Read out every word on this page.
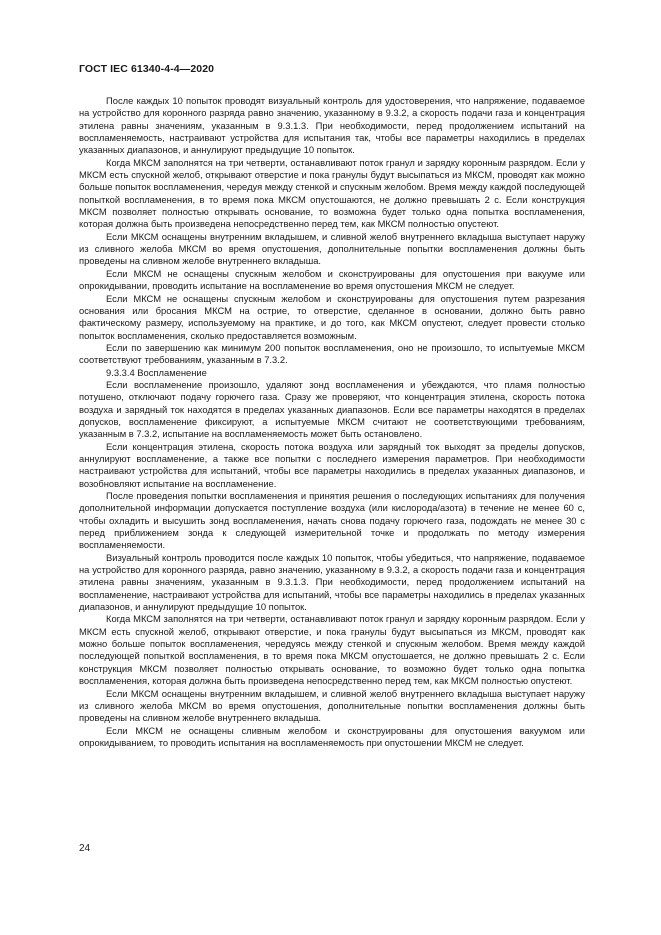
ГОСТ IEC 61340-4-4—2020

После каждых 10 попыток проводят визуальный контроль для удостоверения, что напряжение, подаваемое на устройство для коронного разряда равно значению, указанному в 9.3.2, а скорость подачи газа и концентрация этилена равны значениям, указанным в 9.3.1.3. При необходимости, перед продолжением испытаний на воспламеняемость, настраивают устройства для испытания так, чтобы все параметры находились в пределах указанных диапазонов, и аннулируют предыдущие 10 попыток.

Когда МКСМ заполнятся на три четверти, останавливают поток гранул и зарядку коронным разрядом. Если у МКСМ есть спускной желоб, открывают отверстие и пока гранулы будут высыпаться из МКСМ, проводят как можно больше попыток воспламенения, чередуя между стенкой и спускным желобом. Время между каждой последующей попыткой воспламенения, в то время пока МКСМ опустошаются, не должно превышать 2 с. Если конструкция МКСМ позволяет полностью открывать основание, то возможна будет только одна попытка воспламенения, которая должна быть произведена непосредственно перед тем, как МКСМ полностью опустеют.

Если МКСМ оснащены внутренним вкладышем, и сливной желоб внутреннего вкладыша выступает наружу из сливного желоба МКСМ во время опустошения, дополнительные попытки воспламенения должны быть проведены на сливном желобе внутреннего вкладыша.

Если МКСМ не оснащены спускным желобом и сконструированы для опустошения при вакууме или опрокидывании, проводить испытание на воспламенение во время опустошения МКСМ не следует.

Если МКСМ не оснащены спускным желобом и сконструированы для опустошения путем разрезания основания или бросания МКСМ на острие, то отверстие, сделанное в основании, должно быть равно фактическому размеру, используемому на практике, и до того, как МКСМ опустеют, следует провести столько попыток воспламенения, сколько предоставляется возможным.

Если по завершению как минимум 200 попыток воспламенения, оно не произошло, то испытуемые МКСМ соответствуют требованиям, указанным в 7.3.2.

9.3.3.4 Воспламенение

Если воспламенение произошло, удаляют зонд воспламенения и убеждаются, что пламя полностью потушено, отключают подачу горючего газа. Сразу же проверяют, что концентрация этилена, скорость потока воздуха и зарядный ток находятся в пределах указанных диапазонов. Если все параметры находятся в пределах допусков, воспламенение фиксируют, а испытуемые МКСМ считают не соответствующими требованиям, указанным в 7.3.2, испытание на воспламеняемость может быть остановлено.

Если концентрация этилена, скорость потока воздуха или зарядный ток выходят за пределы допусков, аннулируют воспламенение, а также все попытки с последнего измерения параметров. При необходимости настраивают устройства для испытаний, чтобы все параметры находились в пределах указанных диапазонов, и возобновляют испытание на воспламенение.

После проведения попытки воспламенения и принятия решения о последующих испытаниях для получения дополнительной информации допускается поступление воздуха (или кислорода/азота) в течение не менее 60 с, чтобы охладить и высушить зонд воспламенения, начать снова подачу горючего газа, подождать не менее 30 с перед приближением зонда к следующей измерительной точке и продолжать по методу измерения воспламеняемости.

Визуальный контроль проводится после каждых 10 попыток, чтобы убедиться, что напряжение, подаваемое на устройство для коронного разряда, равно значению, указанному в 9.3.2, а скорость подачи газа и концентрация этилена равны значениям, указанным в 9.3.1.3. При необходимости, перед продолжением испытаний на воспламенение, настраивают устройства для испытаний, чтобы все параметры находились в пределах указанных диапазонов, и аннулируют предыдущие 10 попыток.

Когда МКСМ заполнятся на три четверти, останавливают поток гранул и зарядку коронным разрядом. Если у МКСМ есть спускной желоб, открывают отверстие, и пока гранулы будут высыпаться из МКСМ, проводят как можно больше попыток воспламенения, чередуясь между стенкой и спускным желобом. Время между каждой последующей попыткой воспламенения, в то время пока МКСМ опустошается, не должно превышать 2 с. Если конструкция МКСМ позволяет полностью открывать основание, то возможно будет только одна попытка воспламенения, которая должна быть произведена непосредственно перед тем, как МКСМ полностью опустеют.

Если МКСМ оснащены внутренним вкладышем, и сливной желоб внутреннего вкладыша выступает наружу из сливного желоба МКСМ во время опустошения, дополнительные попытки воспламенения должны быть проведены на сливном желобе внутреннего вкладыша.

Если МКСМ не оснащены сливным желобом и сконструированы для опустошения вакуумом или опрокидыванием, то проводить испытания на воспламеняемость при опустошении МКСМ не следует.

24
